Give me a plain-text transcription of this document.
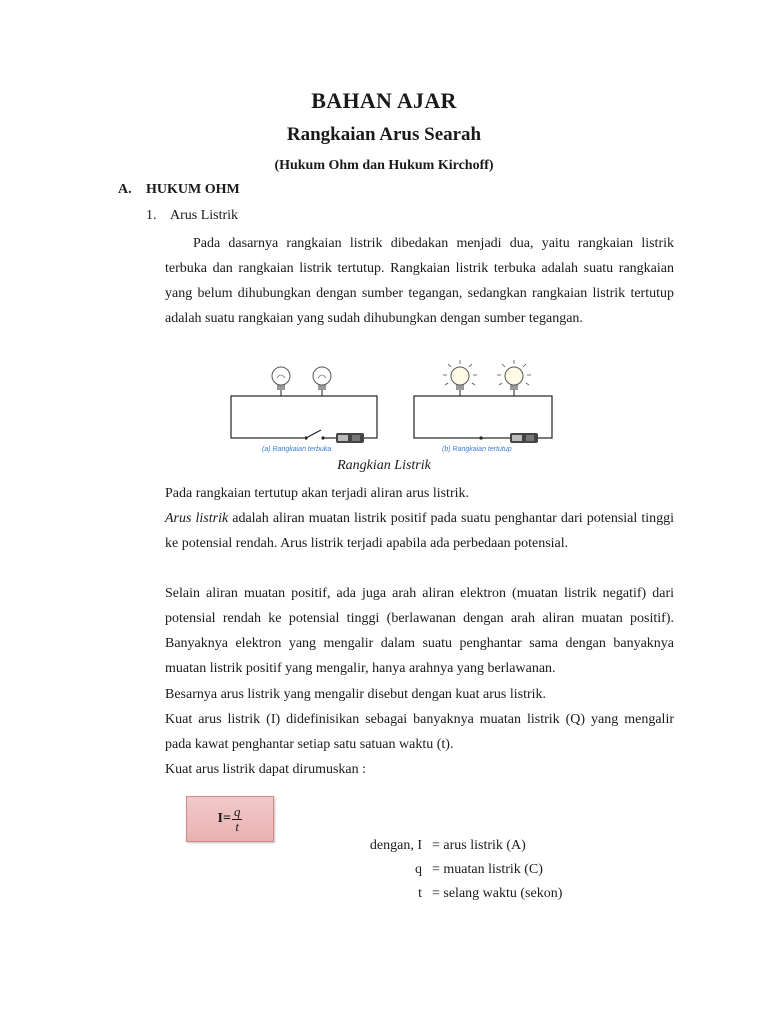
BAHAN AJAR
Rangkaian Arus Searah
(Hukum Ohm dan Hukum Kirchoff)
A. HUKUM OHM
1. Arus Listrik
Pada dasarnya rangkaian listrik dibedakan menjadi dua, yaitu rangkaian listrik terbuka dan rangkaian listrik tertutup. Rangkaian listrik terbuka adalah suatu rangkaian yang belum dihubungkan dengan sumber tegangan, sedangkan rangkaian listrik tertutup adalah suatu rangkaian yang sudah dihubungkan dengan sumber tegangan.
(a) Rangkaian terbuka	(b) Rangkaian tertutup
Rangkian Listrik
Pada rangkaian tertutup akan terjadi aliran arus listrik.
Arus listrik adalah aliran muatan listrik positif pada suatu penghantar dari potensial tinggi ke potensial rendah. Arus listrik terjadi apabila ada perbedaan potensial.
Selain aliran muatan positif, ada juga arah aliran elektron (muatan listrik negatif) dari potensial rendah ke potensial tinggi (berlawanan dengan arah aliran muatan positif). Banyaknya elektron yang mengalir dalam suatu penghantar sama dengan banyaknya muatan listrik positif yang mengalir, hanya arahnya yang berlawanan.
Besarnya arus listrik yang mengalir disebut dengan kuat arus listrik.
Kuat arus listrik (I) didefinisikan sebagai banyaknya muatan listrik (Q) yang mengalir pada kawat penghantar setiap satu satuan waktu (t).
Kuat arus listrik dapat dirumuskan :
$I= \frac{q}{t}$
dengan, I = arus listrik (A)
q = muatan listrik (C)
t = selang waktu (sekon)
